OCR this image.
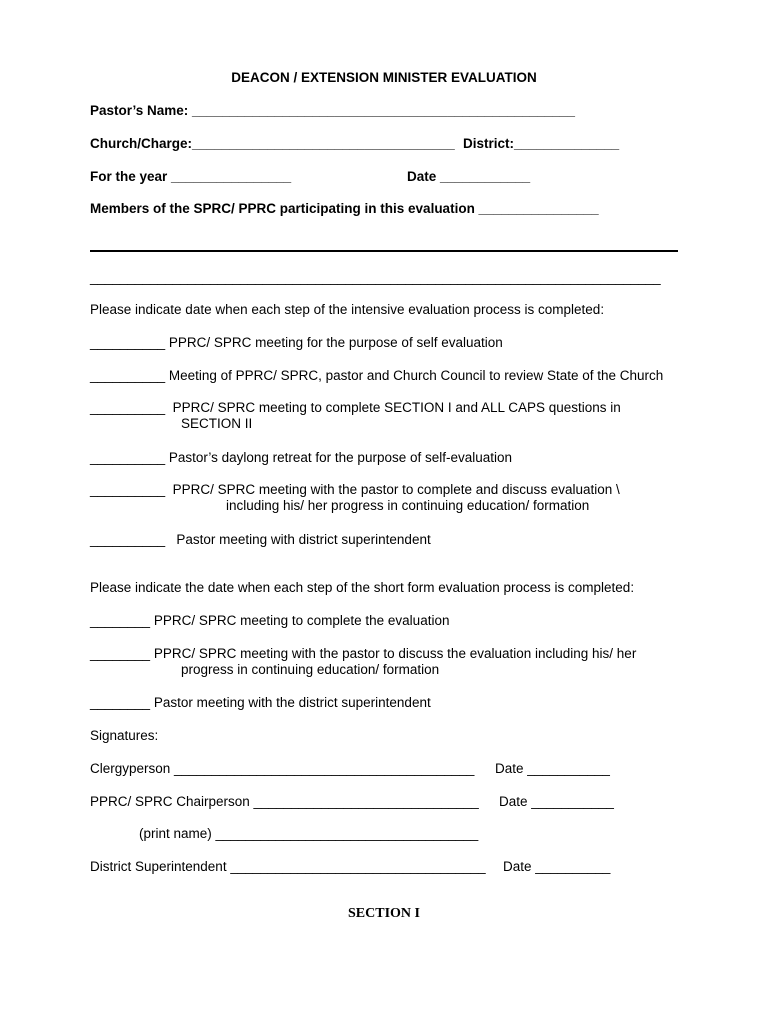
DEACON / EXTENSION MINISTER EVALUATION
Pastor’s Name: ___________________________________________________
Church/Charge:___________________________________ District:______________
For the year ________________	Date ____________
Members of the SPRC/ PPRC participating in this evaluation ________________
____________________________________________________________________________
Please indicate date when each step of the intensive evaluation process is completed:
__________ PPRC/ SPRC meeting for the purpose of self evaluation
__________ Meeting of PPRC/ SPRC, pastor and Church Council to review State of the Church
__________  PPRC/ SPRC meeting to complete SECTION I and ALL CAPS questions in
SECTION II
__________ Pastor’s daylong retreat for the purpose of self-evaluation
__________  PPRC/ SPRC meeting with the pastor to complete and discuss evaluation \
including his/ her progress in continuing education/ formation
__________   Pastor meeting with district superintendent
Please indicate the date when each step of the short form evaluation process is completed:
________ PPRC/ SPRC meeting to complete the evaluation
________ PPRC/ SPRC meeting with the pastor to discuss the evaluation including his/ her
progress in continuing education/ formation
________ Pastor meeting with the district superintendent
Signatures:
Clergyperson ________________________________________ Date ___________
PPRC/ SPRC Chairperson ______________________________ Date ___________
(print name) ___________________________________
District Superintendent __________________________________ Date __________
SECTION I
